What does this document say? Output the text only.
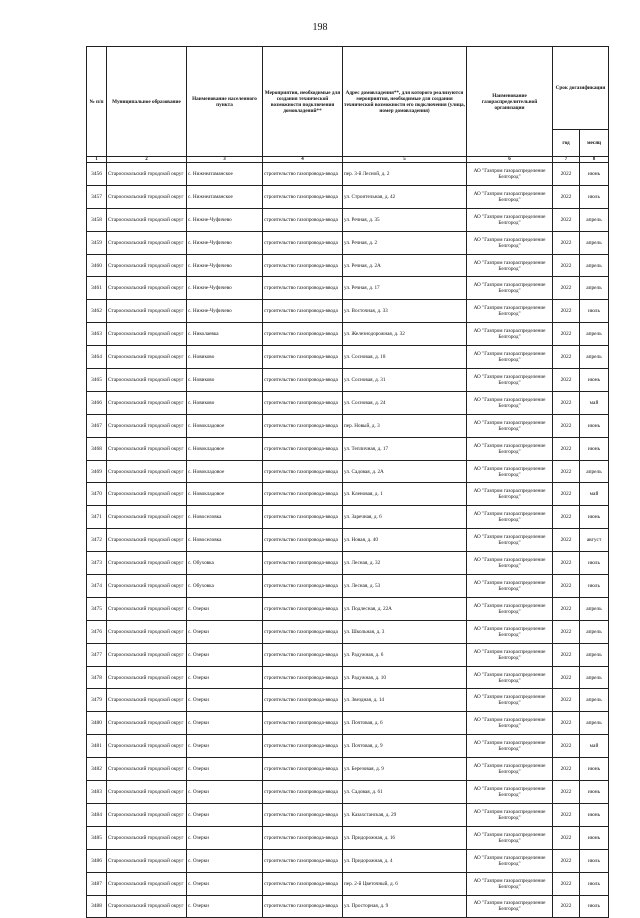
198
№ п/п	Муниципальное образование	Наименование населенного пункта	Мероприятия, необходимые для создания технической возможности подключения домовладений**	Адрес домовладения**, для которого реализуются мероприятия, необходимые для создания технической возможности его подключения (улица, номер домовладения)	Наименование газораспределительной организации	Срок догазификации	
						год	месяц
1	2	3	4	5	6	7	8
3456	Старооскольский городской округ	с. Нижнеатаманское	строительство газопровода-ввода	пер. 3-й Лесной, д. 2	АО "Газпром газораспределение Белгород"	2022	июнь
3457	Старооскольский городской округ	с. Нижнеатаманское	строительство газопровода-ввода	ул. Строительная, д. 42	АО "Газпром газораспределение Белгород"	2022	июль
3458	Старооскольский городской округ	с. Нижне-Чуфичево	строительство газопровода-ввода	ул. Речная, д. 35	АО "Газпром газораспределение Белгород"	2022	апрель
3459	Старооскольский городской округ	с. Нижне-Чуфичево	строительство газопровода-ввода	ул. Речная, д. 2	АО "Газпром газораспределение Белгород"	2022	апрель
3460	Старооскольский городской округ	с. Нижне-Чуфичево	строительство газопровода-ввода	ул. Речная, д. 2А	АО "Газпром газораспределение Белгород"	2022	апрель
3461	Старооскольский городской округ	с. Нижне-Чуфичево	строительство газопровода-ввода	ул. Речная, д. 17	АО "Газпром газораспределение Белгород"	2022	апрель
3462	Старооскольский городской округ	с. Нижне-Чуфичево	строительство газопровода-ввода	ул. Восточная, д. 33	АО "Газпром газораспределение Белгород"	2022	июль
3463	Старооскольский городской округ	с. Николаевка	строительство газопровода-ввода	ул. Железнодорожная, д. 32	АО "Газпром газораспределение Белгород"	2022	апрель
3464	Старооскольский городской округ	с. Новиково	строительство газопровода-ввода	ул. Сосновая, д. 18	АО "Газпром газораспределение Белгород"	2022	апрель
3465	Старооскольский городской округ	с. Новиково	строительство газопровода-ввода	ул. Сосновая, д. 31	АО "Газпром газораспределение Белгород"	2022	июнь
3466	Старооскольский городской округ	с. Новиково	строительство газопровода-ввода	ул. Сосновая, д. 24	АО "Газпром газораспределение Белгород"	2022	май
3467	Старооскольский городской округ	с. Новокладовое	строительство газопровода-ввода	пер. Новый, д. 3	АО "Газпром газораспределение Белгород"	2022	июнь
3468	Старооскольский городской округ	с. Новокладовое	строительство газопровода-ввода	ул. Тепличная, д. 17	АО "Газпром газораспределение Белгород"	2022	июнь
3469	Старооскольский городской округ	с. Новокладовое	строительство газопровода-ввода	ул. Садовая, д. 2А	АО "Газпром газораспределение Белгород"	2022	апрель
3470	Старооскольский городской округ	с. Новокладовое	строительство газопровода-ввода	ул. Кленовая, д. 1	АО "Газпром газораспределение Белгород"	2022	май
3471	Старооскольский городской округ	с. Новоселовка	строительство газопровода-ввода	ул. Заречная, д. 6	АО "Газпром газораспределение Белгород"	2022	июнь
3472	Старооскольский городской округ	с. Новоселовка	строительство газопровода-ввода	ул. Новая, д. 40	АО "Газпром газораспределение Белгород"	2022	август
3473	Старооскольский городской округ	с. Обуховка	строительство газопровода-ввода	ул. Лесная, д. 32	АО "Газпром газораспределение Белгород"	2022	июль
3474	Старооскольский городской округ	с. Обуховка	строительство газопровода-ввода	ул. Лесная, д. 53	АО "Газпром газораспределение Белгород"	2022	июль
3475	Старооскольский городской округ	с. Озерки	строительство газопровода-ввода	ул. Подлесная, д. 22А	АО "Газпром газораспределение Белгород"	2022	апрель
3476	Старооскольский городской округ	с. Озерки	строительство газопровода-ввода	ул. Школьная, д. 3	АО "Газпром газораспределение Белгород"	2022	апрель
3477	Старооскольский городской округ	с. Озерки	строительство газопровода-ввода	ул. Радужная, д. 6	АО "Газпром газораспределение Белгород"	2022	апрель
3478	Старооскольский городской округ	с. Озерки	строительство газопровода-ввода	ул. Радужная, д. 10	АО "Газпром газораспределение Белгород"	2022	апрель
3479	Старооскольский городской округ	с. Озерки	строительство газопровода-ввода	ул. Звездная, д. 14	АО "Газпром газораспределение Белгород"	2022	апрель
3480	Старооскольский городской округ	с. Озерки	строительство газопровода-ввода	ул. Почтовая, д. 6	АО "Газпром газораспределение Белгород"	2022	апрель
3481	Старооскольский городской округ	с. Озерки	строительство газопровода-ввода	ул. Почтовая, д. 9	АО "Газпром газораспределение Белгород"	2022	май
3482	Старооскольский городской округ	с. Озерки	строительство газопровода-ввода	ул. Березовая, д. 9	АО "Газпром газораспределение Белгород"	2022	июнь
3483	Старооскольский городской округ	с. Озерки	строительство газопровода-ввода	ул. Садовая, д. 61	АО "Газпром газораспределение Белгород"	2022	июнь
3484	Старооскольский городской округ	с. Озерки	строительство газопровода-ввода	ул. Казахстанская, д. 29	АО "Газпром газораспределение Белгород"	2022	июнь
3485	Старооскольский городской округ	с. Озерки	строительство газопровода-ввода	ул. Придорожная, д. 16	АО "Газпром газораспределение Белгород"	2022	июнь
3486	Старооскольский городской округ	с. Озерки	строительство газопровода-ввода	ул. Придорожная, д. 4	АО "Газпром газораспределение Белгород"	2022	июль
3487	Старооскольский городской округ	с. Озерки	строительство газопровода-ввода	пер. 2-й Цветочный, д. 6	АО "Газпром газораспределение Белгород"	2022	июль
3488	Старооскольский городской округ	с. Озерки	строительство газопровода-ввода	ул. Просторная, д. 9	АО "Газпром газораспределение Белгород"	2022	июль
